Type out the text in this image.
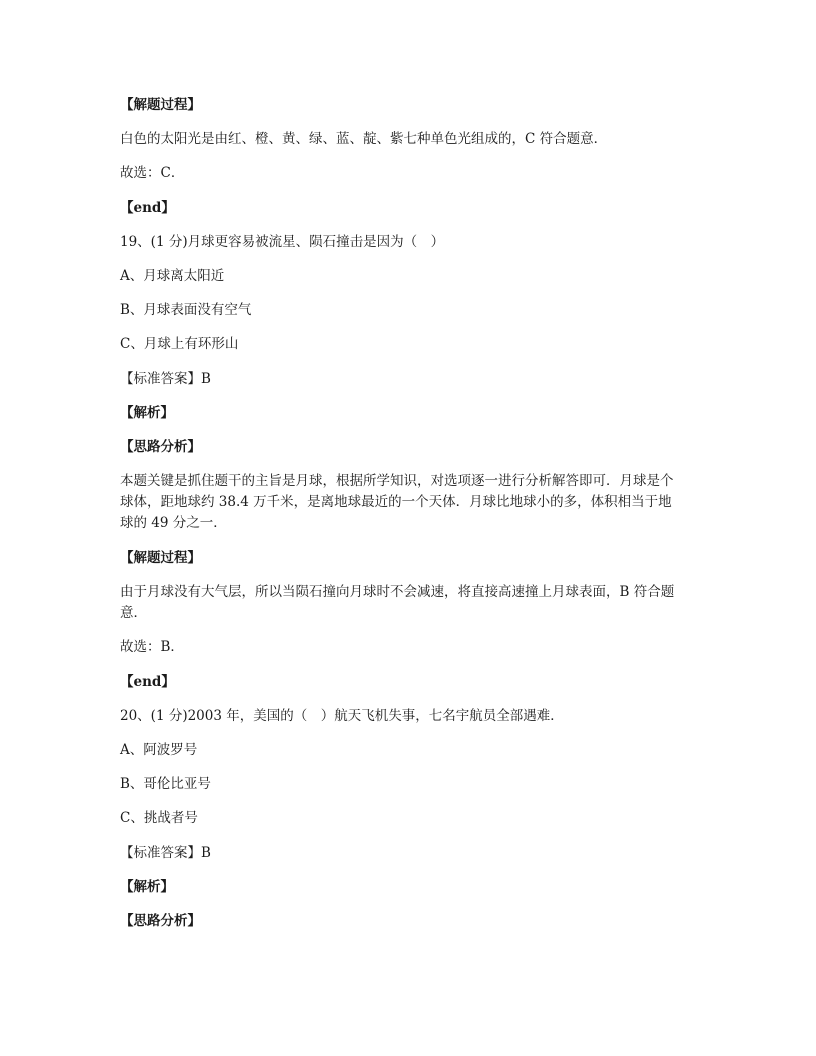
【解题过程】
白色的太阳光是由红、橙、黄、绿、蓝、靛、紫七种单色光组成的，C 符合题意．
故选：C．
【end】
19、(1 分)月球更容易被流星、陨石撞击是因为（　）
A、月球离太阳近
B、月球表面没有空气
C、月球上有环形山
【标准答案】B
【解析】
【思路分析】
本题关键是抓住题干的主旨是月球，根据所学知识，对选项逐一进行分析解答即可．月球是个
球体，距地球约 38.4 万千米，是离地球最近的一个天体．月球比地球小的多，体积相当于地
球的 49 分之一．
【解题过程】
由于月球没有大气层，所以当陨石撞向月球时不会减速，将直接高速撞上月球表面，B 符合题
意．
故选：B．
【end】
20、(1 分)2003 年，美国的（　）航天飞机失事，七名宇航员全部遇难．
A、阿波罗号
B、哥伦比亚号
C、挑战者号
【标准答案】B
【解析】
【思路分析】
